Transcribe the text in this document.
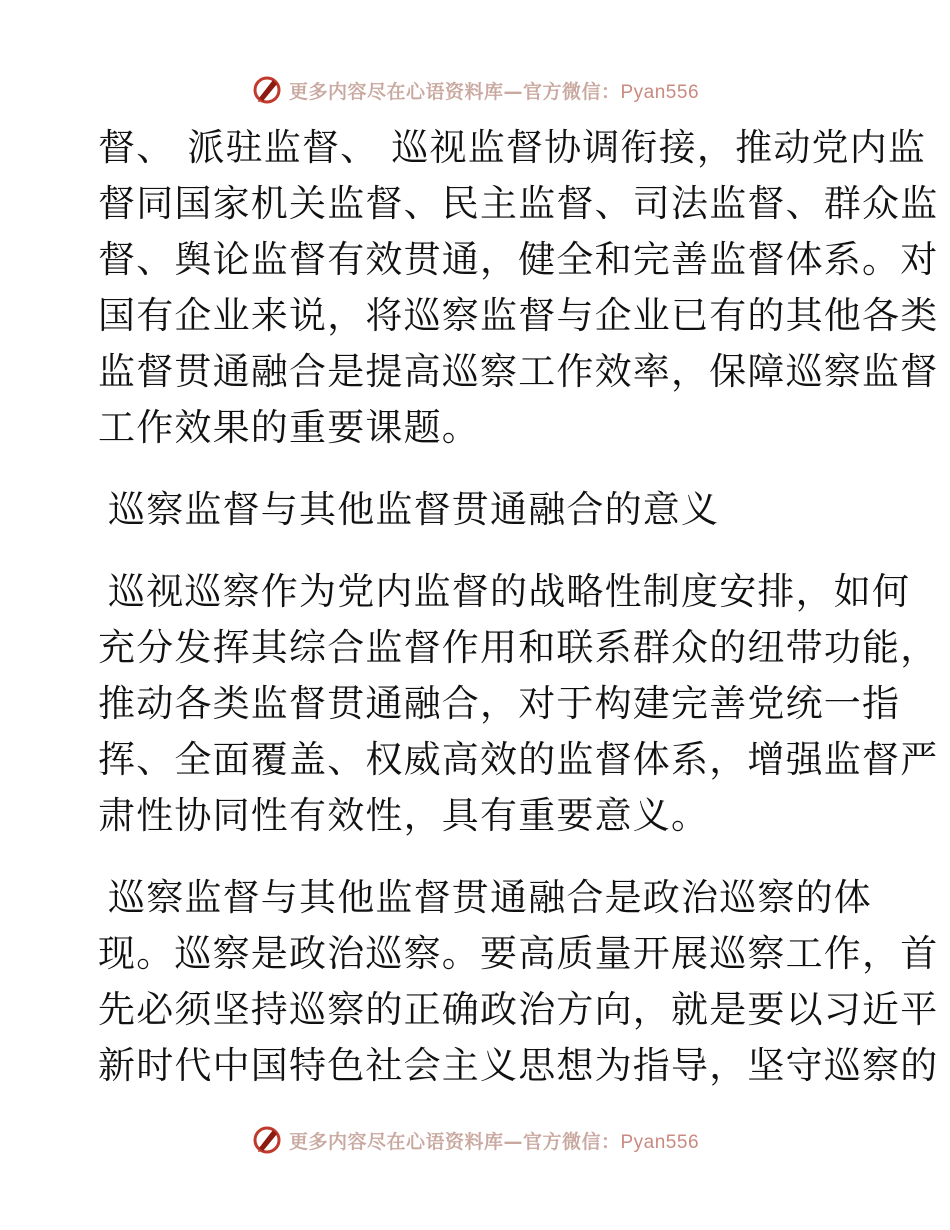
更多内容尽在心语资料库—官方微信：Pyan556
督、 派驻监督、 巡视监督协调衔接，推动党内监
督同国家机关监督、民主监督、司法监督、群众监
督、舆论监督有效贯通，健全和完善监督体系。对
国有企业来说，将巡察监督与企业已有的其他各类
监督贯通融合是提高巡察工作效率，保障巡察监督
工作效果的重要课题。
巡察监督与其他监督贯通融合的意义
巡视巡察作为党内监督的战略性制度安排，如何
充分发挥其综合监督作用和联系群众的纽带功能，
推动各类监督贯通融合，对于构建完善党统一指
挥、全面覆盖、权威高效的监督体系，增强监督严
肃性协同性有效性，具有重要意义。
巡察监督与其他监督贯通融合是政治巡察的体
现。巡察是政治巡察。要高质量开展巡察工作，首
先必须坚持巡察的正确政治方向，就是要以习近平
新时代中国特色社会主义思想为指导，坚守巡察的
更多内容尽在心语资料库—官方微信：Pyan556
